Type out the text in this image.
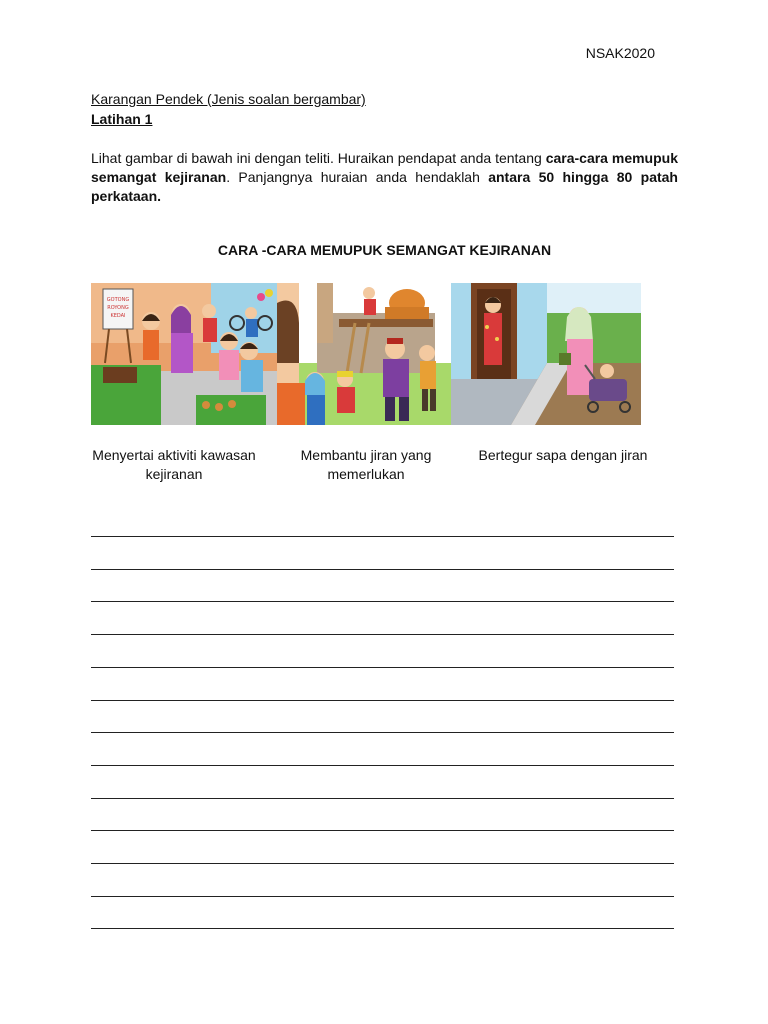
NSAK2020
Karangan Pendek (Jenis soalan bergambar)
Latihan 1
Lihat gambar di bawah ini dengan teliti. Huraikan pendapat anda tentang cara-cara memupuk semangat kejiranan. Panjangnya huraian anda hendaklah antara 50 hingga 80 patah perkataan.
CARA -CARA MEMUPUK SEMANGAT KEJIRANAN
GOTONG
ROYONG
KEDAI
Menyertai aktiviti kawasan
kejiranan
Membantu jiran yang
memerlukan
Bertegur sapa dengan jiran
